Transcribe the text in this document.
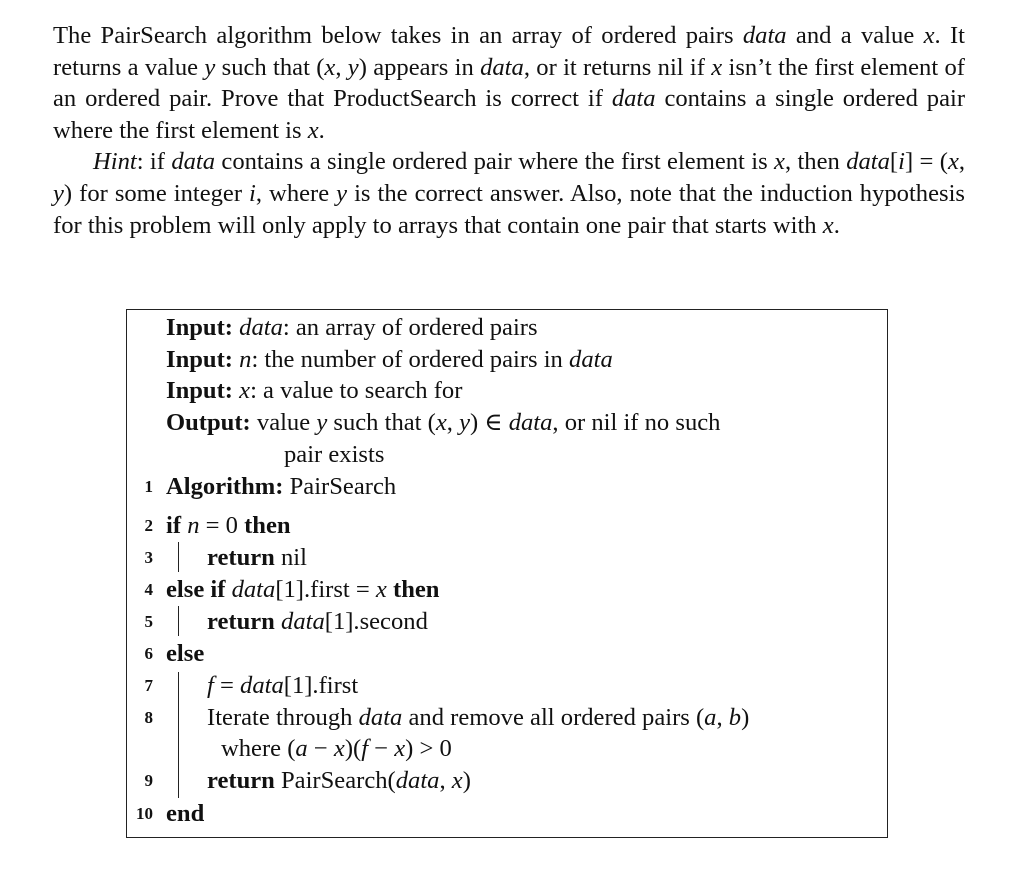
The PairSearch algorithm below takes in an array of ordered pairs data and a value x. It returns a value y such that (x, y) appears in data, or it returns nil if x isn’t the first element of an ordered pair. Prove that ProductSearch is correct if data contains a single ordered pair where the first element is x.

Hint: if data contains a single ordered pair where the first element is x, then data[i] = (x, y) for some integer i, where y is the correct answer. Also, note that the induction hypothesis for this problem will only apply to arrays that contain one pair that starts with x.

Input: data: an array of ordered pairs
Input: n: the number of ordered pairs in data
Input: x: a value to search for
Output: value y such that (x, y) ∈ data, or nil if no such
pair exists
1 Algorithm: PairSearch
2 if n = 0 then
3 return nil
4 else if data[1].first = x then
5 return data[1].second
6 else
7 f = data[1].first
8 Iterate through data and remove all ordered pairs (a, b)
where (a − x)(f − x) > 0
9 return PairSearch(data, x)
10 end
